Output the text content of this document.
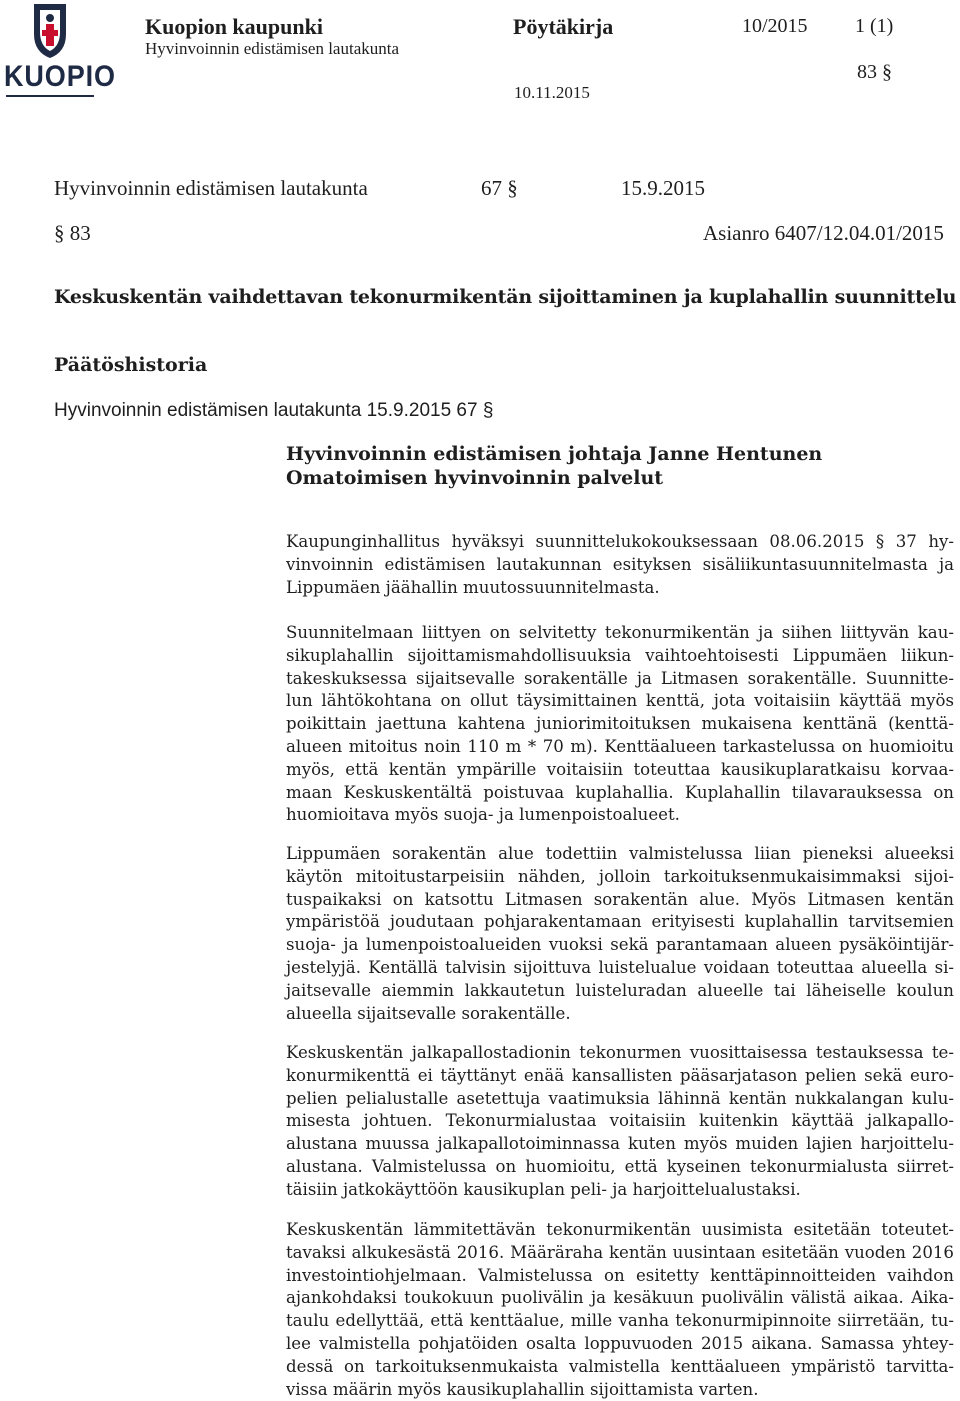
KUOPIO
Kuopion kaupunki
Hyvinvoinnin edistämisen lautakunta
Pöytäkirja	10/2015 1 (1)
83 §
10.11.2015
Hyvinvoinnin edistämisen lautakunta	67 §	15.9.2015
§ 83	Asianro 6407/12.04.01/2015
Keskuskentän vaihdettavan tekonurmikentän sijoittaminen ja kuplahallin suunnittelu
Päätöshistoria
Hyvinvoinnin edistämisen lautakunta 15.9.2015 67 §
Hyvinvoinnin edistämisen johtaja Janne Hentunen
Omatoimisen hyvinvoinnin palvelut
Kaupunginhallitus hyväksyi suunnittelukokouksessaan 08.06.2015 § 37 hy-
vinvoinnin edistämisen lautakunnan esityksen sisäliikuntasuunnitelmasta ja
Lippumäen jäähallin muutossuunnitelmasta.
Suunnitelmaan liittyen on selvitetty tekonurmikentän ja siihen liittyvän kau-
sikuplahallin sijoittamismahdollisuuksia vaihtoehtoisesti Lippumäen liikun-
takeskuksessa sijaitsevalle sorakentälle ja Litmasen sorakentälle. Suunnitte-
lun lähtökohtana on ollut täysimittainen kenttä, jota voitaisiin käyttää myös
poikittain jaettuna kahtena juniorimitoituksen mukaisena kenttänä (kenttä-
alueen mitoitus noin 110 m * 70 m). Kenttäalueen tarkastelussa on huomioitu
myös, että kentän ympärille voitaisiin toteuttaa kausikuplaratkaisu korvaa-
maan Keskuskentältä poistuvaa kuplahallia. Kuplahallin tilavarauksessa on
huomioitava myös suoja- ja lumenpoistoalueet.
Lippumäen sorakentän alue todettiin valmistelussa liian pieneksi alueeksi
käytön mitoitustarpeisiin nähden, jolloin tarkoituksenmukaisimmaksi sijoi-
tuspaikaksi on katsottu Litmasen sorakentän alue. Myös Litmasen kentän
ympäristöä joudutaan pohjarakentamaan erityisesti kuplahallin tarvitsemien
suoja- ja lumenpoistoalueiden vuoksi sekä parantamaan alueen pysäköintijär-
jestelyjä. Kentällä talvisin sijoittuva luistelualue voidaan toteuttaa alueella si-
jaitsevalle aiemmin lakkautetun luisteluradan alueelle tai läheiselle koulun
alueella sijaitsevalle sorakentälle.
Keskuskentän jalkapallostadionin tekonurmen vuosittaisessa testauksessa te-
konurmikenttä ei täyttänyt enää kansallisten pääsarjatason pelien sekä euro-
pelien pelialustalle asetettuja vaatimuksia lähinnä kentän nukkalangan kulu-
misesta johtuen. Tekonurmialustaa voitaisiin kuitenkin käyttää jalkapallo-
alustana muussa jalkapallotoiminnassa kuten myös muiden lajien harjoittelu-
alustana. Valmistelussa on huomioitu, että kyseinen tekonurmialusta siirret-
täisiin jatkokäyttöön kausikuplan peli- ja harjoittelualustaksi.
Keskuskentän lämmitettävän tekonurmikentän uusimista esitetään toteutet-
tavaksi alkukesästä 2016. Määräraha kentän uusintaan esitetään vuoden 2016
investointiohjelmaan. Valmistelussa on esitetty kenttäpinnoitteiden vaihdon
ajankohdaksi toukokuun puolivälin ja kesäkuun puolivälin välistä aikaa. Aika-
taulu edellyttää, että kenttäalue, mille vanha tekonurmipinnoite siirretään, tu-
lee valmistella pohjatöiden osalta loppuvuoden 2015 aikana. Samassa yhtey-
dessä on tarkoituksenmukaista valmistella kenttäalueen ympäristö tarvitta-
vissa määrin myös kausikuplahallin sijoittamista varten.
